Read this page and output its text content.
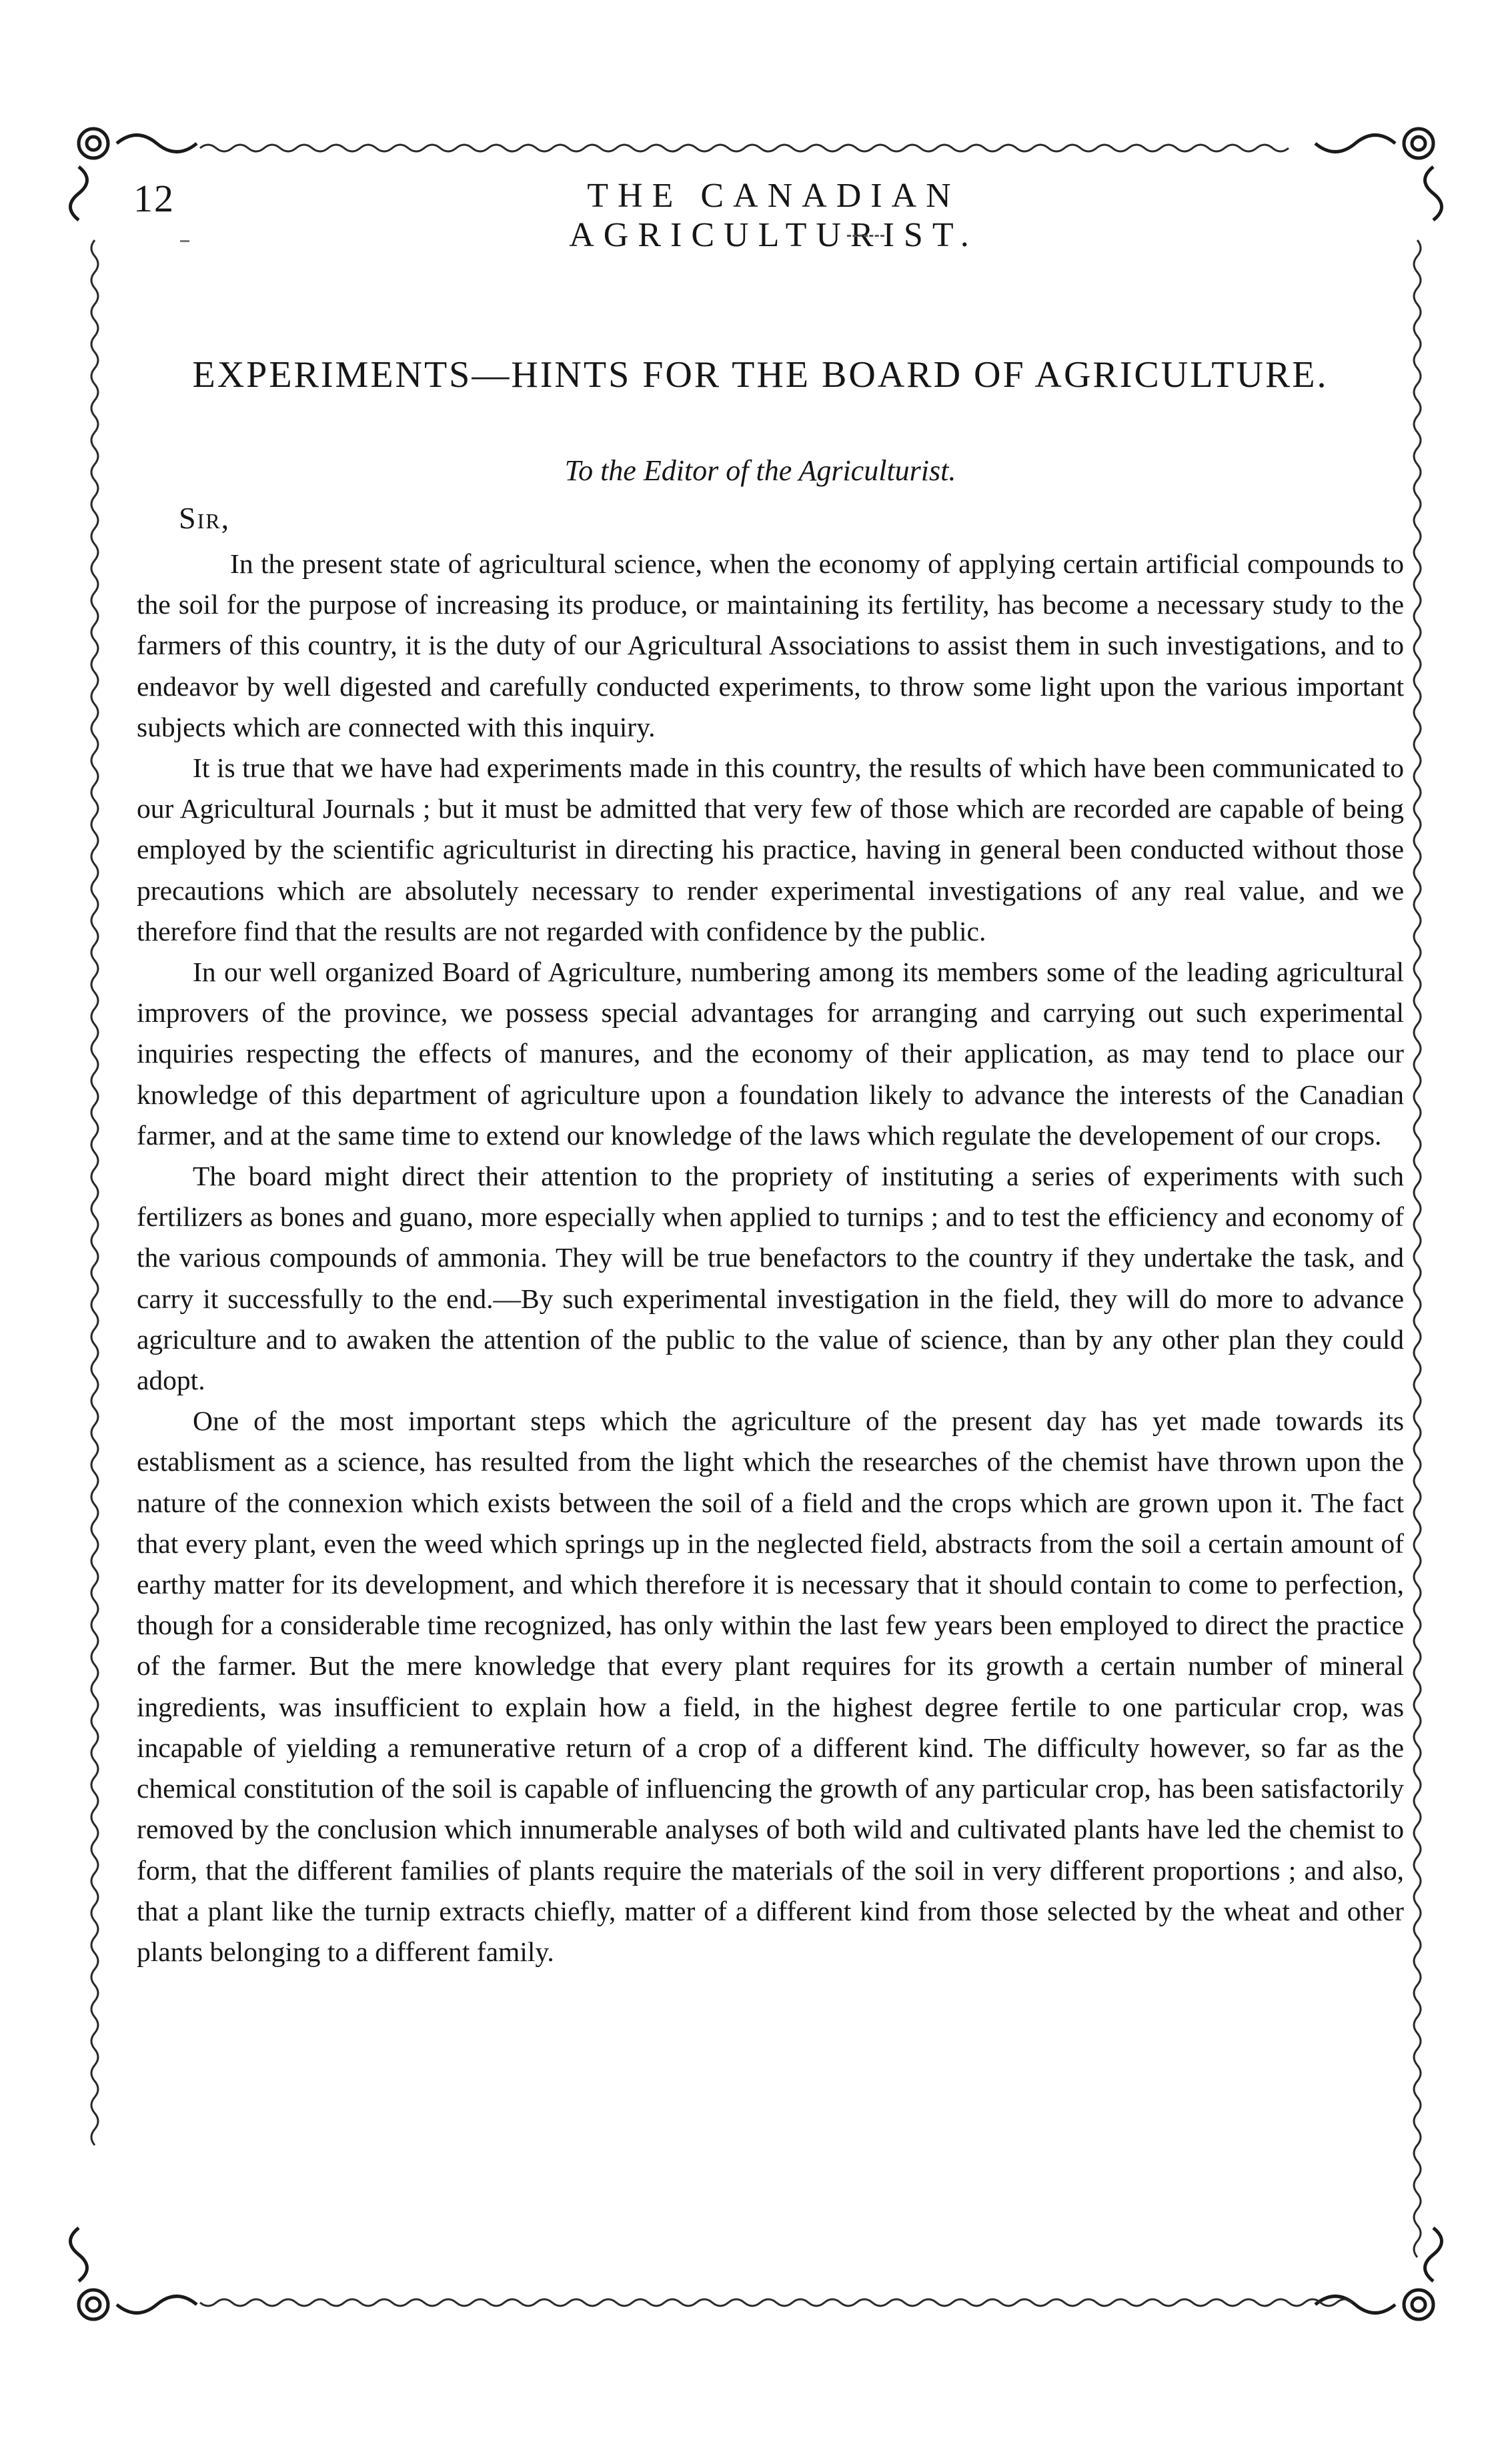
12	THE CANADIAN AGRICULTURIST.
EXPERIMENTS—HINTS FOR THE BOARD OF AGRICULTURE.
To the Editor of the Agriculturist.
Sir,

In the present state of agricultural science, when the economy of applying certain artificial compounds to the soil for the purpose of increasing its produce, or maintaining its fertility, has become a necessary study to the farmers of this country, it is the duty of our Agricultural Associations to assist them in such investigations, and to endeavor by well digested and carefully conducted experiments, to throw some light upon the various important subjects which are connected with this inquiry.

It is true that we have had experiments made in this country, the results of which have been communicated to our Agricultural Journals ; but it must be admitted that very few of those which are recorded are capable of being employed by the scientific agriculturist in directing his practice, having in general been conducted without those precautions which are absolutely necessary to render experimental investigations of any real value, and we therefore find that the results are not regarded with confidence by the public.

In our well organized Board of Agriculture, numbering among its members some of the leading agricultural improvers of the province, we possess special advantages for arranging and carrying out such experimental inquiries respecting the effects of manures, and the economy of their application, as may tend to place our knowledge of this department of agriculture upon a foundation likely to advance the interests of the Canadian farmer, and at the same time to extend our knowledge of the laws which regulate the developement of our crops.

The board might direct their attention to the propriety of instituting a series of experiments with such fertilizers as bones and guano, more especially when applied to turnips ; and to test the efficiency and economy of the various compounds of ammonia. They will be true benefactors to the country if they undertake the task, and carry it successfully to the end.—By such experimental investigation in the field, they will do more to advance agriculture and to awaken the attention of the public to the value of science, than by any other plan they could adopt.

One of the most important steps which the agriculture of the present day has yet made towards its establisment as a science, has resulted from the light which the researches of the chemist have thrown upon the nature of the connexion which exists between the soil of a field and the crops which are grown upon it. The fact that every plant, even the weed which springs up in the neglected field, abstracts from the soil a certain amount of earthy matter for its development, and which therefore it is necessary that it should contain to come to perfection, though for a considerable time recognized, has only within the last few years been employed to direct the practice of the farmer. But the mere knowledge that every plant requires for its growth a certain number of mineral ingredients, was insufficient to explain how a field, in the highest degree fertile to one particular crop, was incapable of yielding a remunerative return of a crop of a different kind. The difficulty however, so far as the chemical constitution of the soil is capable of influencing the growth of any particular crop, has been satisfactorily removed by the conclusion which innumerable analyses of both wild and cultivated plants have led the chemist to form, that the different families of plants require the materials of the soil in very different proportions ; and also, that a plant like the turnip extracts chiefly, matter of a different kind from those selected by the wheat and other plants belonging to a different family.
